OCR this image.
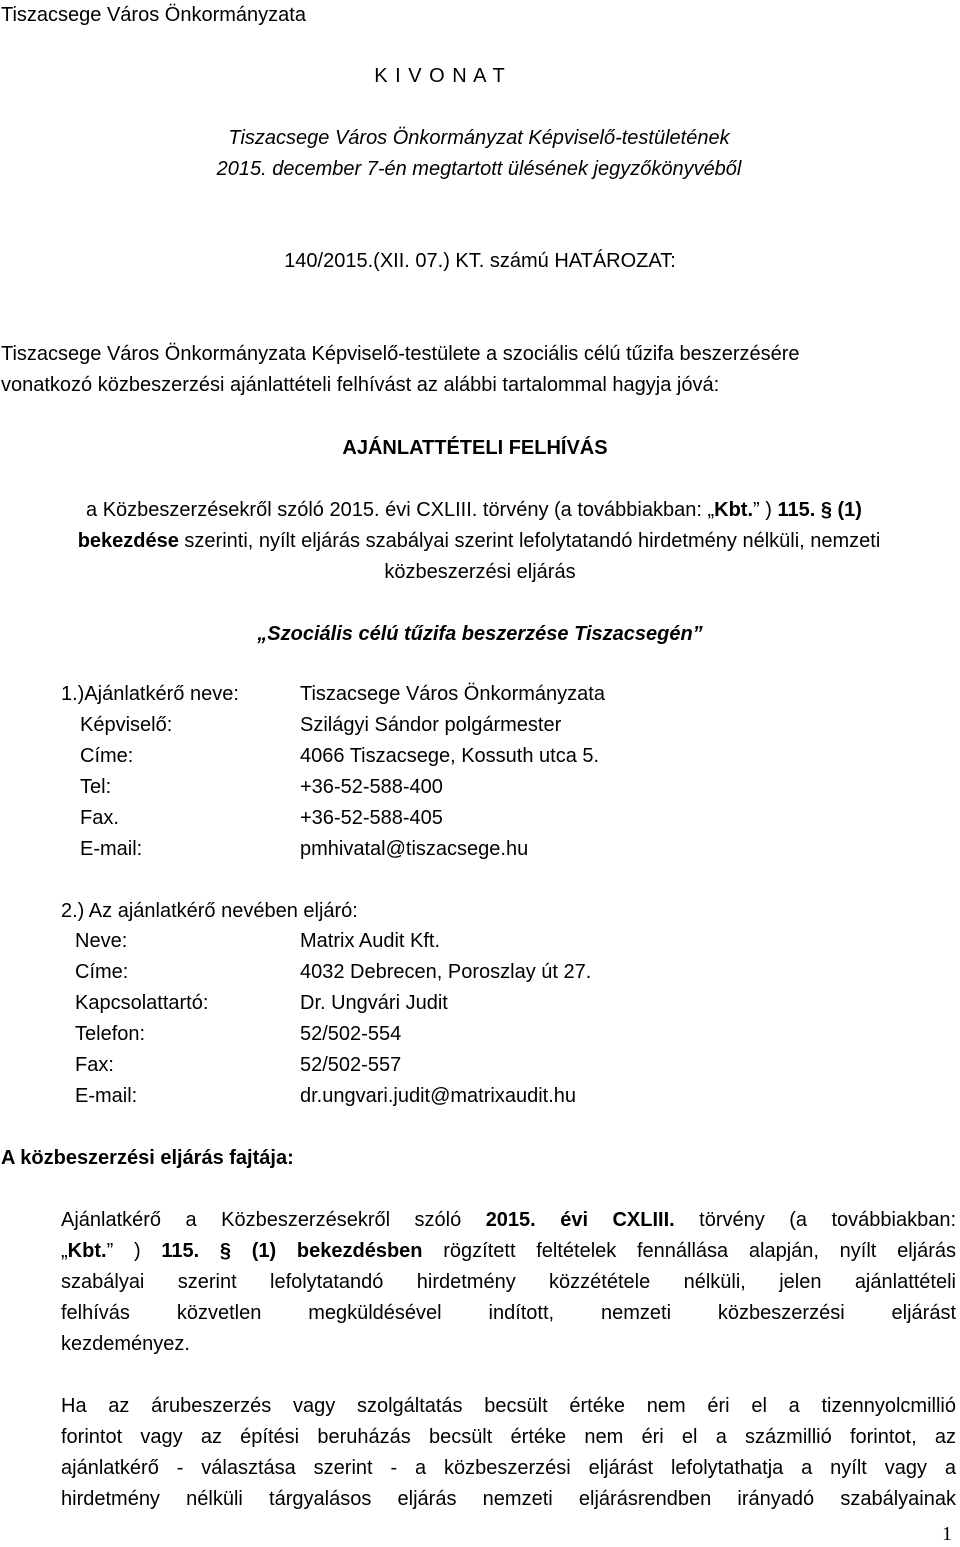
Tiszacsege Város Önkormányzata
K I V O N A T
Tiszacsege Város Önkormányzat Képviselő-testületének
2015. december 7-én megtartott ülésének jegyzőkönyvéből
140/2015.(XII. 07.) KT. számú HATÁROZAT:
Tiszacsege Város Önkormányzata Képviselő-testülete a szociális célú tűzifa beszerzésére
vonatkozó közbeszerzési ajánlattételi felhívást az alábbi tartalommal hagyja jóvá:
AJÁNLATTÉTELI FELHÍVÁS
a Közbeszerzésekről szóló 2015. évi CXLIII. törvény (a továbbiakban: „Kbt.” ) 115. § (1)
bekezdése szerinti, nyílt eljárás szabályai szerint lefolytatandó hirdetmény nélküli, nemzeti
közbeszerzési eljárás
„Szociális célú tűzifa beszerzése Tiszacsegén”
1.)Ajánlatkérő neve:	Tiszacsege Város Önkormányzata
Képviselő:	Szilágyi Sándor polgármester
Címe:	4066 Tiszacsege, Kossuth utca 5.
Tel:	+36-52-588-400
Fax.	+36-52-588-405
E-mail:	pmhivatal@tiszacsege.hu
2.) Az ajánlatkérő nevében eljáró:
Neve:	Matrix Audit Kft.
Címe:	4032 Debrecen, Poroszlay út 27.
Kapcsolattartó:	Dr. Ungvári Judit
Telefon:	52/502-554
Fax:	52/502-557
E-mail:	dr.ungvari.judit@matrixaudit.hu
A közbeszerzési eljárás fajtája:
Ajánlatkérő a Közbeszerzésekről szóló 2015. évi CXLIII. törvény (a továbbiakban:
„Kbt.” ) 115. § (1) bekezdésben rögzített feltételek fennállása alapján, nyílt eljárás
szabályai szerint lefolytatandó hirdetmény közzététele nélküli, jelen ajánlattételi
felhívás közvetlen megküldésével indított, nemzeti közbeszerzési eljárást
kezdeményez.
Ha az árubeszerzés vagy szolgáltatás becsült értéke nem éri el a tizennyolcmillió
forintot vagy az építési beruházás becsült értéke nem éri el a százmillió forintot, az
ajánlatkérő - választása szerint - a közbeszerzési eljárást lefolytathatja a nyílt vagy a
hirdetmény nélküli tárgyalásos eljárás nemzeti eljárásrendben irányadó szabályainak
1
